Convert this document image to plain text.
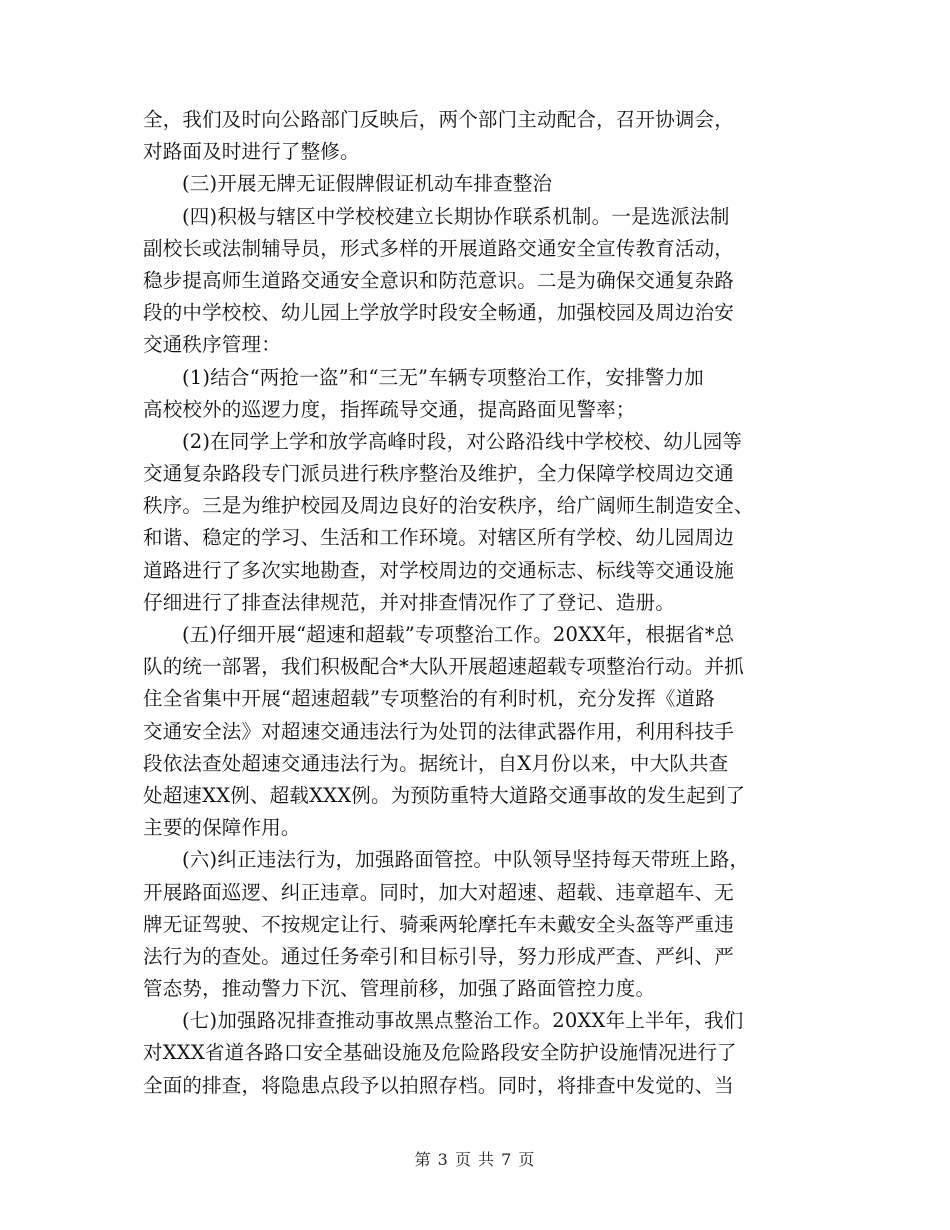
全，我们及时向公路部门反映后，两个部门主动配合，召开协调会，
对路面及时进行了整修。
(三)开展无牌无证假牌假证机动车排查整治
(四)积极与辖区中学校校建立长期协作联系机制。一是选派法制
副校长或法制辅导员，形式多样的开展道路交通安全宣传教育活动，
稳步提高师生道路交通安全意识和防范意识。二是为确保交通复杂路
段的中学校校、幼儿园上学放学时段安全畅通，加强校园及周边治安
交通秩序管理：
(1)结合“两抢一盗”和“三无”车辆专项整治工作，安排警力加
高校校外的巡逻力度，指挥疏导交通，提高路面见警率；
(2)在同学上学和放学高峰时段，对公路沿线中学校校、幼儿园等
交通复杂路段专门派员进行秩序整治及维护，全力保障学校周边交通
秩序。三是为维护校园及周边良好的治安秩序，给广阔师生制造安全、
和谐、稳定的学习、生活和工作环境。对辖区所有学校、幼儿园周边
道路进行了多次实地勘查，对学校周边的交通标志、标线等交通设施
仔细进行了排查法律规范，并对排查情况作了了登记、造册。
(五)仔细开展“超速和超载”专项整治工作。20XX年，根据省*总
队的统一部署，我们积极配合*大队开展超速超载专项整治行动。并抓
住全省集中开展“超速超载”专项整治的有利时机，充分发挥《道路
交通安全法》对超速交通违法行为处罚的法律武器作用，利用科技手
段依法查处超速交通违法行为。据统计，自X月份以来，中大队共查
处超速XX例、超载XXX例。为预防重特大道路交通事故的发生起到了
主要的保障作用。
(六)纠正违法行为，加强路面管控。中队领导坚持每天带班上路，
开展路面巡逻、纠正违章。同时，加大对超速、超载、违章超车、无
牌无证驾驶、不按规定让行、骑乘两轮摩托车未戴安全头盔等严重违
法行为的查处。通过任务牵引和目标引导，努力形成严查、严纠、严
管态势，推动警力下沉、管理前移，加强了路面管控力度。
(七)加强路况排查推动事故黑点整治工作。20XX年上半年，我们
对XXX省道各路口安全基础设施及危险路段安全防护设施情况进行了
全面的排查，将隐患点段予以拍照存档。同时，将排查中发觉的、当
第 3 页 共 7 页
